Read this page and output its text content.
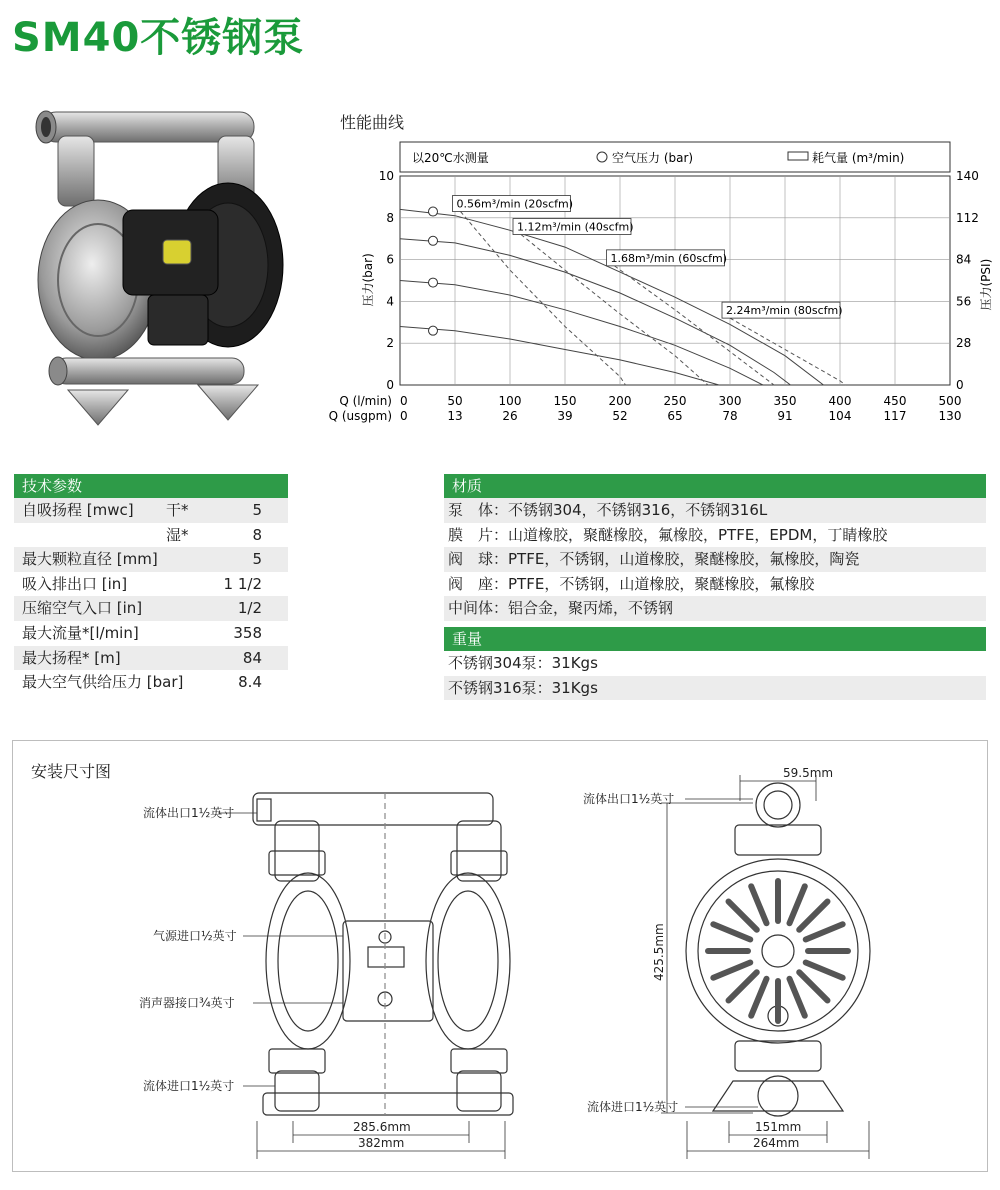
SM40不锈钢泵
性能曲线
以20℃水测量	空气压力 (bar)	耗气量 (m³/min)
0
2
4
6
8
10
0
28
56
84
112
140
压力(bar)	压力(PSI)
0	50	100	150	200	250	300	350	400	450	500
0	13	26	39	52	65	78	91	104	117	130
Q (l/min)
Q (usgpm)
0.56m³/min (20scfm)
1.12m³/min (40scfm)
1.68m³/min (60scfm)
2.24m³/min (80scfm)
技术参数
自吸扬程 [mwc] 干*	5
湿*	8
最大颗粒直径 [mm]	5
吸入排出口 [in]	1 1/2
压缩空气入口 [in]	1/2
最大流量*[l/min]	358
最大扬程* [m]	84
最大空气供给压力 [bar]	8.4
材质
泵　体：不锈钢304，不锈钢316，不锈钢316L
膜　片：山道橡胶，聚醚橡胶，氟橡胶，PTFE，EPDM，丁睛橡胶
阀　球：PTFE，不锈钢，山道橡胶，聚醚橡胶，氟橡胶，陶瓷
阀　座：PTFE，不锈钢，山道橡胶，聚醚橡胶，氟橡胶
中间体：铝合金，聚丙烯，不锈钢
重量
不锈钢304泵：31Kgs
不锈钢316泵：31Kgs
安装尺寸图
流体出口1½英寸
气源进口½英寸
消声器接口¾英寸
流体进口1½英寸
285.6mm
382mm
流体出口1½英寸
59.5mm
流体进口1½英寸
151mm
264mm
425.5mm
